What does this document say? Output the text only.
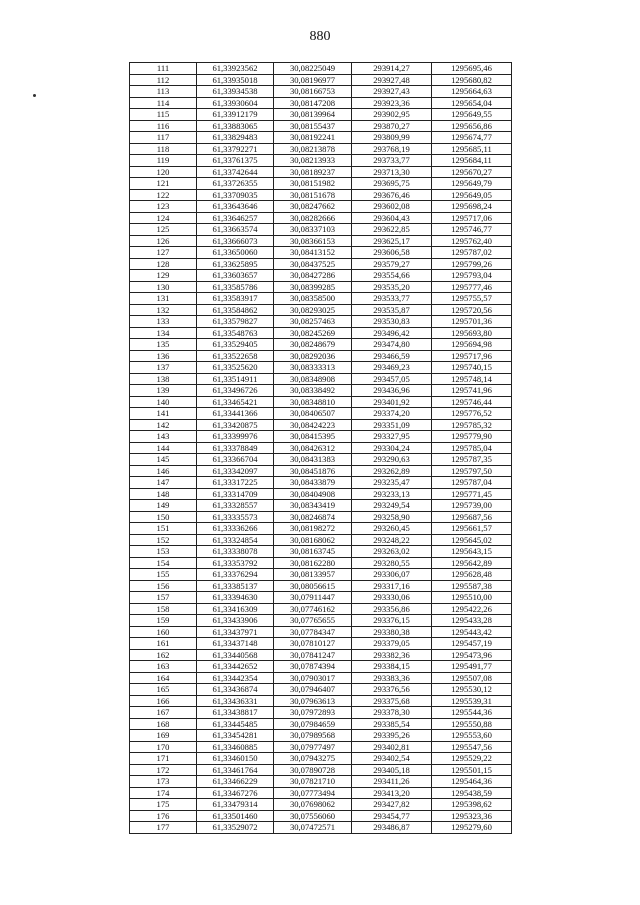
880
111	61,33923562	30,08225049	293914,27	1295695,46
112	61,33935018	30,08196977	293927,48	1295680,82
113	61,33934538	30,08166753	293927,43	1295664,63
114	61,33930604	30,08147208	293923,36	1295654,04
115	61,33912179	30,08139964	293902,95	1295649,55
116	61,33883065	30,08155437	293870,27	1295656,86
117	61,33829483	30,08192241	293809,99	1295674,77
118	61,33792271	30,08213878	293768,19	1295685,11
119	61,33761375	30,08213933	293733,77	1295684,11
120	61,33742644	30,08189237	293713,30	1295670,27
121	61,33726355	30,08151982	293695,75	1295649,79
122	61,33709035	30,08151678	293676,46	1295649,05
123	61,33643646	30,08247662	293602,08	1295698,24
124	61,33646257	30,08282666	293604,43	1295717,06
125	61,33663574	30,08337103	293622,85	1295746,77
126	61,33666073	30,08366153	293625,17	1295762,40
127	61,33650060	30,08413152	293606,58	1295787,02
128	61,33625895	30,08437525	293579,27	1295799,26
129	61,33603657	30,08427286	293554,66	1295793,04
130	61,33585786	30,08399285	293535,20	1295777,46
131	61,33583917	30,08358500	293533,77	1295755,57
132	61,33584862	30,08293025	293535,87	1295720,56
133	61,33579827	30,08257463	293530,83	1295701,36
134	61,33548763	30,08245269	293496,42	1295693,80
135	61,33529405	30,08248679	293474,80	1295694,98
136	61,33522658	30,08292036	293466,59	1295717,96
137	61,33525620	30,08333313	293469,23	1295740,15
138	61,33514911	30,08348908	293457,05	1295748,14
139	61,33496726	30,08338492	293436,96	1295741,96
140	61,33465421	30,08348810	293401,92	1295746,44
141	61,33441366	30,08406507	293374,20	1295776,52
142	61,33420875	30,08424223	293351,09	1295785,32
143	61,33399976	30,08415395	293327,95	1295779,90
144	61,33378849	30,08426312	293304,24	1295785,04
145	61,33366704	30,08431383	293290,63	1295787,35
146	61,33342097	30,08451876	293262,89	1295797,50
147	61,33317225	30,08433879	293235,47	1295787,04
148	61,33314709	30,08404908	293233,13	1295771,45
149	61,33328557	30,08343419	293249,54	1295739,00
150	61,33335573	30,08246874	293258,90	1295687,56
151	61,33336266	30,08198272	293260,45	1295661,57
152	61,33324854	30,08168062	293248,22	1295645,02
153	61,33338078	30,08163745	293263,02	1295643,15
154	61,33353792	30,08162280	293280,55	1295642,89
155	61,33376294	30,08133957	293306,07	1295628,48
156	61,33385137	30,08056615	293317,16	1295587,38
157	61,33394630	30,07911447	293330,06	1295510,00
158	61,33416309	30,07746162	293356,86	1295422,26
159	61,33433906	30,07765655	293376,15	1295433,28
160	61,33437971	30,07784347	293380,38	1295443,42
161	61,33437148	30,07810127	293379,05	1295457,19
162	61,33440568	30,07841247	293382,36	1295473,96
163	61,33442652	30,07874394	293384,15	1295491,77
164	61,33442354	30,07903017	293383,36	1295507,08
165	61,33436874	30,07946407	293376,56	1295530,12
166	61,33436331	30,07963613	293375,68	1295539,31
167	61,33438817	30,07972893	293378,30	1295544,36
168	61,33445485	30,07984659	293385,54	1295550,88
169	61,33454281	30,07989568	293395,26	1295553,60
170	61,33460885	30,07977497	293402,81	1295547,56
171	61,33460150	30,07943275	293402,54	1295529,22
172	61,33461764	30,07890728	293405,18	1295501,15
173	61,33466229	30,07821710	293411,26	1295464,36
174	61,33467276	30,07773494	293413,20	1295438,59
175	61,33479314	30,07698062	293427,82	1295398,62
176	61,33501460	30,07556060	293454,77	1295323,36
177	61,33529072	30,07472571	293486,87	1295279,60
